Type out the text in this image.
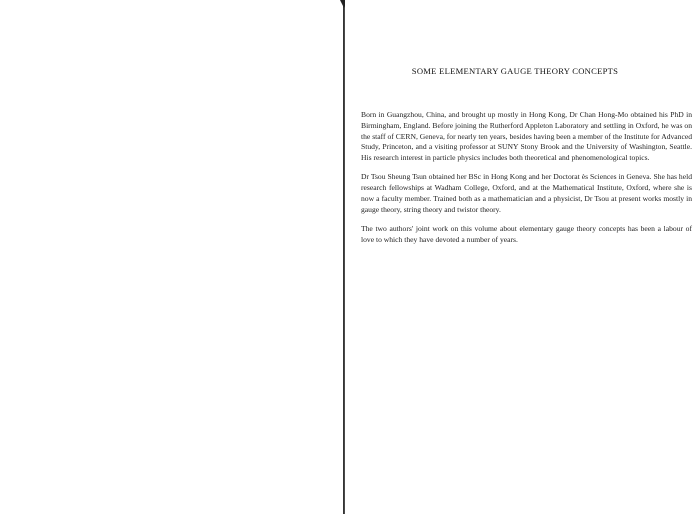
SOME ELEMENTARY GAUGE THEORY CONCEPTS

Born in Guangzhou, China, and brought up mostly in Hong Kong, Dr Chan Hong-Mo obtained his PhD in Birmingham, England. Before joining the Rutherford Appleton Laboratory and settling in Oxford, he was on the staff of CERN, Geneva, for nearly ten years, besides having been a member of the Institute for Advanced Study, Princeton, and a visiting professor at SUNY Stony Brook and the University of Washington, Seattle. His research interest in particle physics includes both theoretical and phenomenological topics.

Dr Tsou Sheung Tsun obtained her BSc in Hong Kong and her Doctorat ès Sciences in Geneva. She has held research fellowships at Wadham College, Oxford, and at the Mathematical Institute, Oxford, where she is now a faculty member. Trained both as a mathematician and a physicist, Dr Tsou at present works mostly in gauge theory, string theory and twistor theory.

The two authors' joint work on this volume about elementary gauge theory concepts has been a labour of love to which they have devoted a number of years.
